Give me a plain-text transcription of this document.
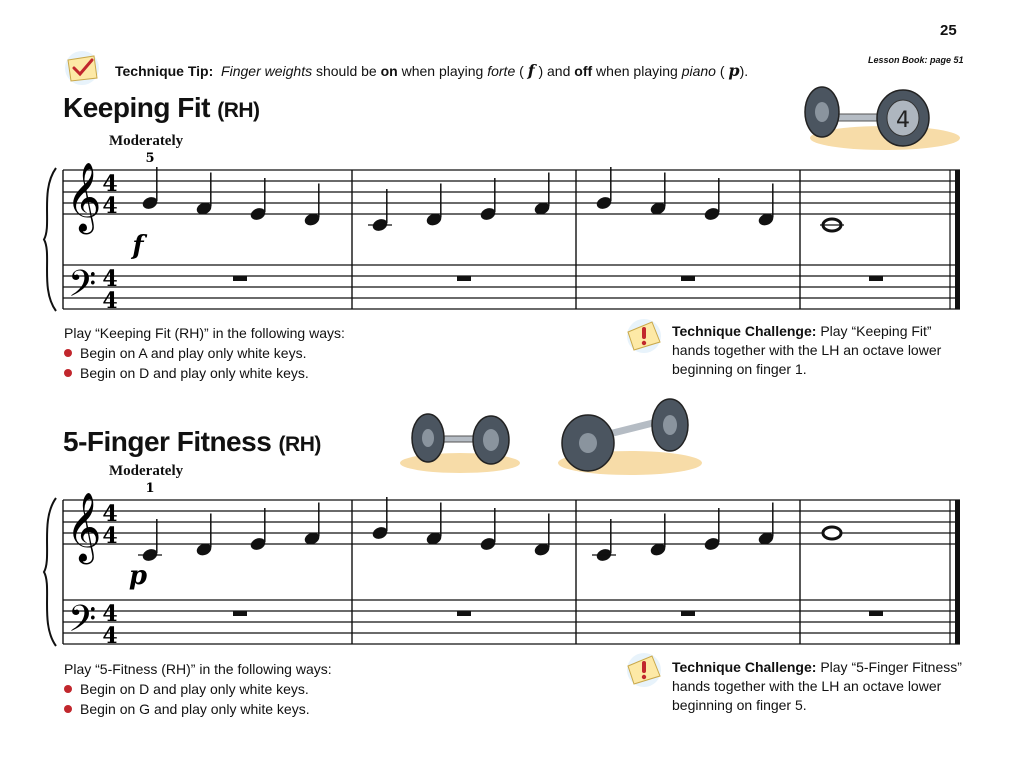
25
Lesson Book: page 51
Technique Tip: Finger weights should be on when playing forte ( f ) and off when playing piano ( p).
Keeping Fit (RH)
Moderately
4
Play “Keeping Fit (RH)” in the following ways:
Begin on A and play only white keys.
Begin on D and play only white keys.
Technique Challenge: Play “Keeping Fit” hands together with the LH an octave lower beginning on finger 1.
5-Finger Fitness (RH)
Moderately
Play “5-Fitness (RH)” in the following ways:
Begin on D and play only white keys.
Begin on G and play only white keys.
Technique Challenge: Play “5-Finger Fitness” hands together with the LH an octave lower beginning on finger 5.
𝄞
𝄢
4
4
4
4
5
f
𝄞
𝄢
4
4
4
4
1
p
